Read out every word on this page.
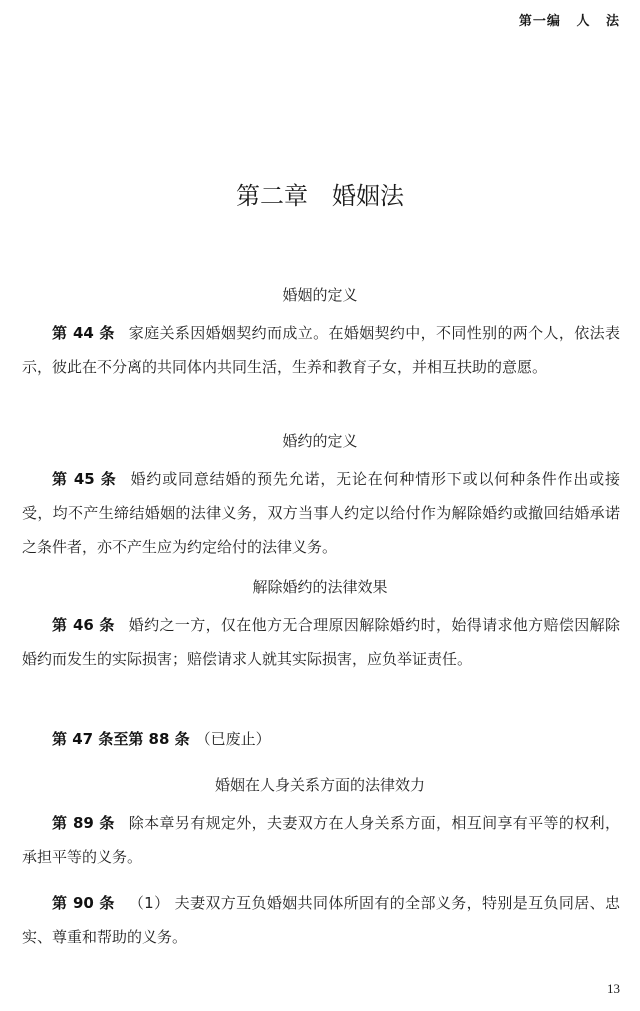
第一编 人 法
第二章 婚姻法
婚姻的定义
第 44 条 家庭关系因婚姻契约而成立。在婚姻契约中，不同性别的两个人，依法表示，彼此在不分离的共同体内共同生活，生养和教育子女，并相互扶助的意愿。
婚约的定义
第 45 条 婚约或同意结婚的预先允诺，无论在何种情形下或以何种条件作出或接受，均不产生缔结婚姻的法律义务，双方当事人约定以给付作为解除婚约或撤回结婚承诺之条件者，亦不产生应为约定给付的法律义务。
解除婚约的法律效果
第 46 条 婚约之一方，仅在他方无合理原因解除婚约时，始得请求他方赔偿因解除婚约而发生的实际损害；赔偿请求人就其实际损害，应负举证责任。
第 47 条至第 88 条 （已废止）
婚姻在人身关系方面的法律效力
第 89 条 除本章另有规定外，夫妻双方在人身关系方面，相互间享有平等的权利，承担平等的义务。
第 90 条 （1） 夫妻双方互负婚姻共同体所固有的全部义务，特别是互负同居、忠实、尊重和帮助的义务。
13
